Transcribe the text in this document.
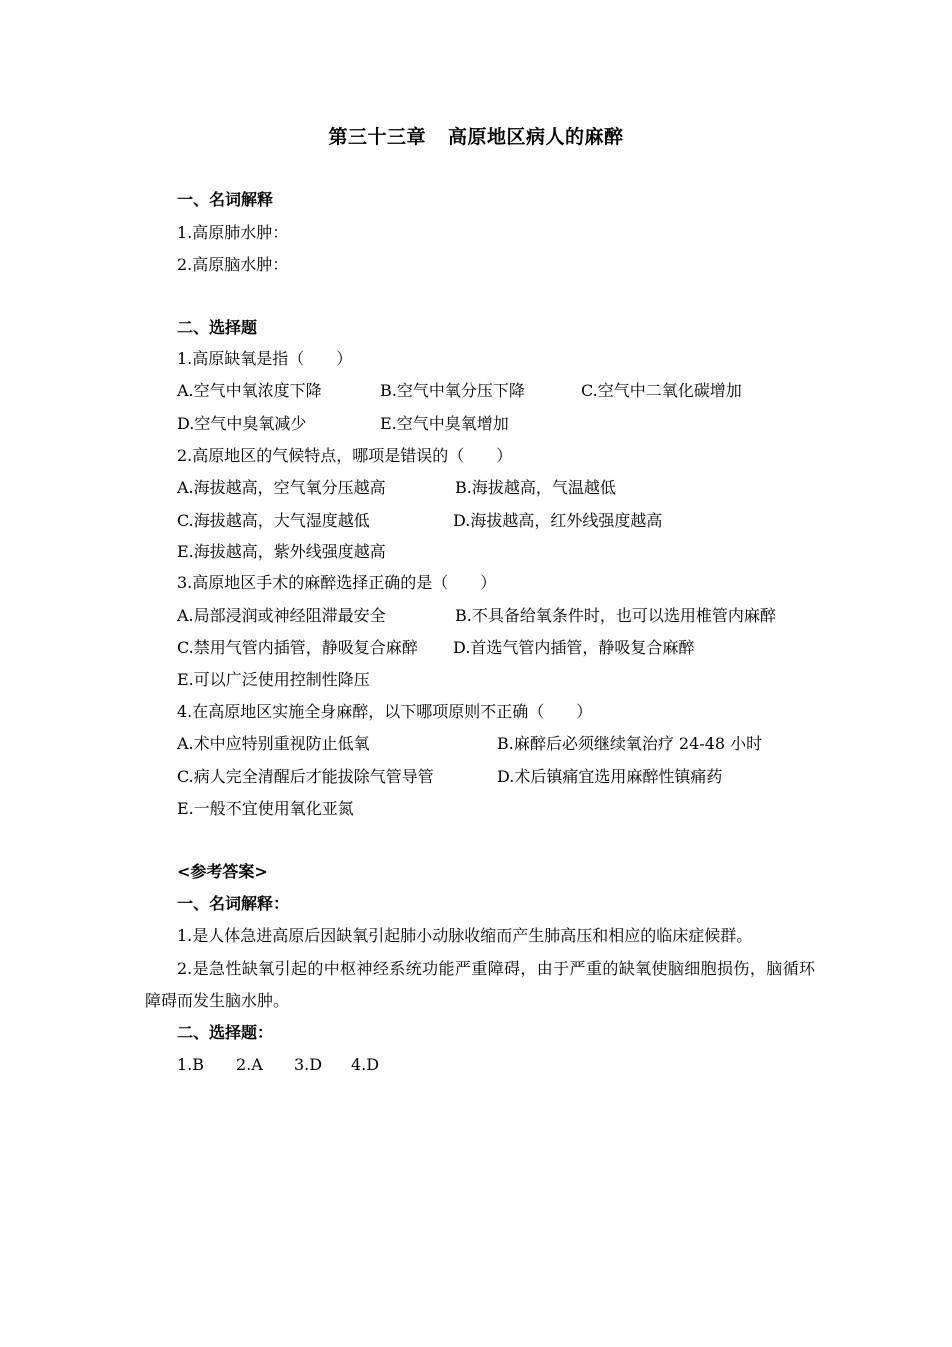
第三十三章 高原地区病人的麻醉
一、名词解释
1.高原肺水肿：
2.高原脑水肿：
二、选择题
1.高原缺氧是指（　　）
A.空气中氧浓度下降	B.空气中氧分压下降	C.空气中二氧化碳增加
D.空气中臭氧减少	E.空气中臭氧增加
2.高原地区的气候特点，哪项是错误的（　　）
A.海拔越高，空气氧分压越高	B.海拔越高，气温越低
C.海拔越高，大气湿度越低	D.海拔越高，红外线强度越高
E.海拔越高，紫外线强度越高
3.高原地区手术的麻醉选择正确的是（　　）
A.局部浸润或神经阻滞最安全	B.不具备给氧条件时，也可以选用椎管内麻醉
C.禁用气管内插管，静吸复合麻醉 D.首选气管内插管，静吸复合麻醉
E.可以广泛使用控制性降压
4.在高原地区实施全身麻醉，以下哪项原则不正确（　　）
A.术中应特别重视防止低氧	B.麻醉后必须继续氧治疗 24-48 小时
C.病人完全清醒后才能拔除气管导管	D.术后镇痛宜选用麻醉性镇痛药
E.一般不宜使用氧化亚氮
<参考答案>
一、名词解释：
1.是人体急进高原后因缺氧引起肺小动脉收缩而产生肺高压和相应的临床症候群。
2.是急性缺氧引起的中枢神经系统功能严重障碍，由于严重的缺氧使脑细胞损伤，脑循环障碍而发生脑水肿。
二、选择题：
1.B 2.A 3.D 4.D
